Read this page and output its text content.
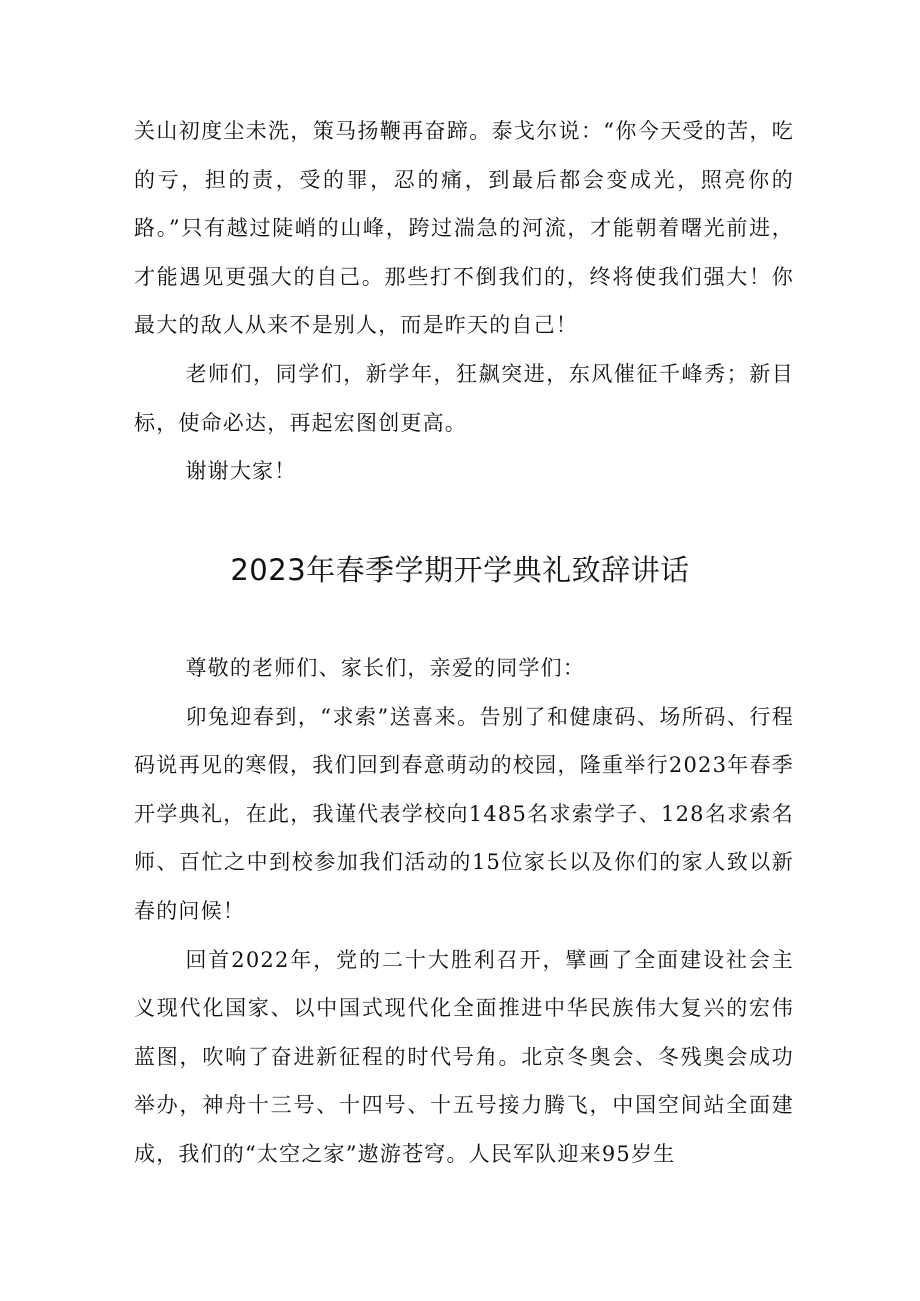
关山初度尘未洗，策马扬鞭再奋蹄。泰戈尔说：“你今天受的苦，吃的亏，担的责，受的罪，忍的痛，到最后都会变成光，照亮你的路。”只有越过陡峭的山峰，跨过湍急的河流，才能朝着曙光前进，才能遇见更强大的自己。那些打不倒我们的，终将使我们强大！你最大的敌人从来不是别人，而是昨天的自己！

老师们，同学们，新学年，狂飙突进，东风催征千峰秀；新目标，使命必达，再起宏图创更高。

谢谢大家！

2023年春季学期开学典礼致辞讲话

尊敬的老师们、家长们，亲爱的同学们：

卯兔迎春到，“求索”送喜来。告别了和健康码、场所码、行程码说再见的寒假，我们回到春意萌动的校园，隆重举行2023年春季开学典礼，在此，我谨代表学校向1485名求索学子、128名求索名师、百忙之中到校参加我们活动的15位家长以及你们的家人致以新春的问候！

回首2022年，党的二十大胜利召开，擘画了全面建设社会主义现代化国家、以中国式现代化全面推进中华民族伟大复兴的宏伟蓝图，吹响了奋进新征程的时代号角。北京冬奥会、冬残奥会成功举办，神舟十三号、十四号、十五号接力腾飞，中国空间站全面建成，我们的“太空之家”遨游苍穹。人民军队迎来95岁生
